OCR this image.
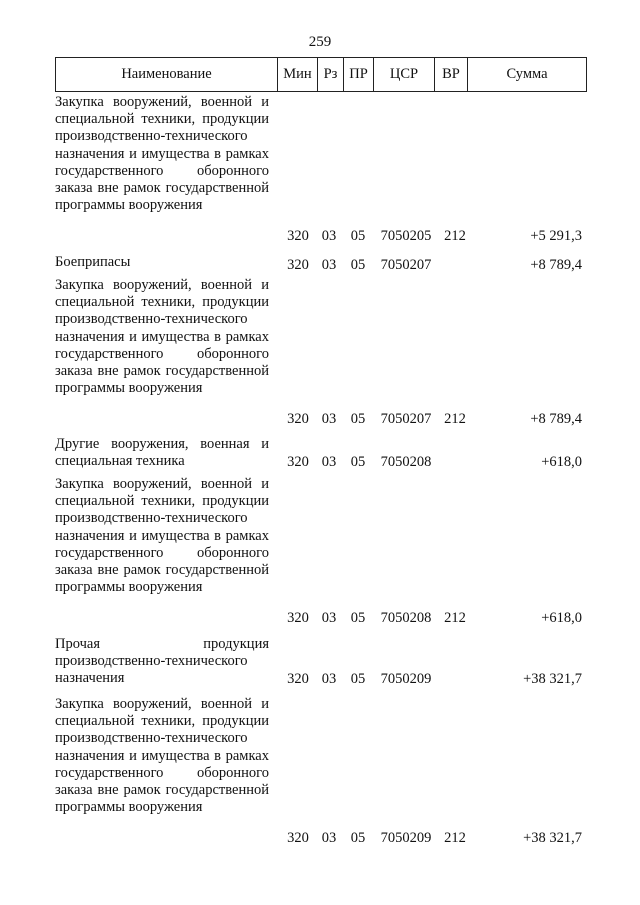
259
Наименование	Мин	Рз	ПР	ЦСР	ВР	Сумма
Закупка вооружений, военной и специальной техники, продукции производственно-технического назначения и имущества в рамках государственного оборонного заказа вне рамок государственной программы вооружения
320 03	05	7050205 212	+5 291,3
Боеприпасы	320 03	05	7050207	+8 789,4
Закупка вооружений, военной и специальной техники, продукции производственно-технического назначения и имущества в рамках государственного оборонного заказа вне рамок государственной программы вооружения
320 03	05	7050207 212	+8 789,4
Другие вооружения, военная и специальная техника	320 03	05	7050208	+618,0
Закупка вооружений, военной и специальной техники, продукции производственно-технического назначения и имущества в рамках государственного оборонного заказа вне рамок государственной программы вооружения
320 03	05	7050208 212	+618,0
Прочая продукция производственно-технического назначения	320 03	05	7050209	+38 321,7
Закупка вооружений, военной и специальной техники, продукции производственно-технического назначения и имущества в рамках государственного оборонного заказа вне рамок государственной программы вооружения
320 03	05	7050209 212	+38 321,7
